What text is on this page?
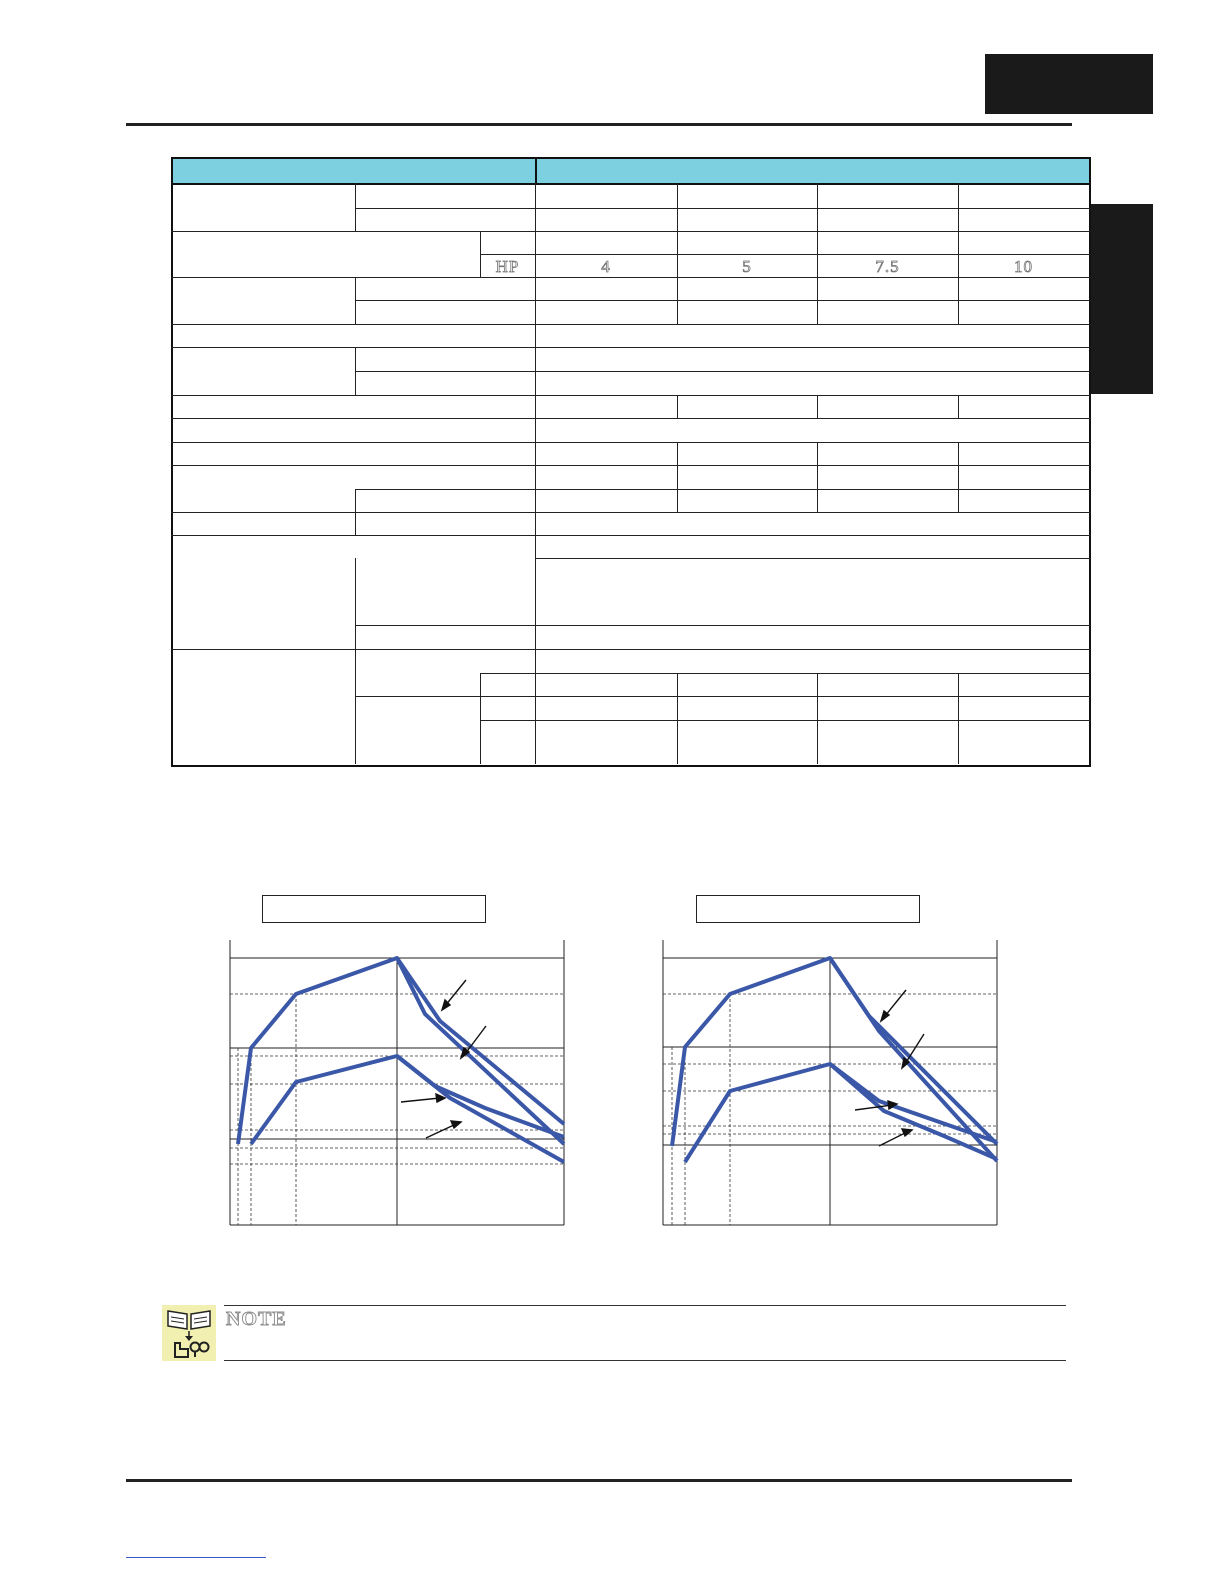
HP	4	5	7.5	10
NOTE
